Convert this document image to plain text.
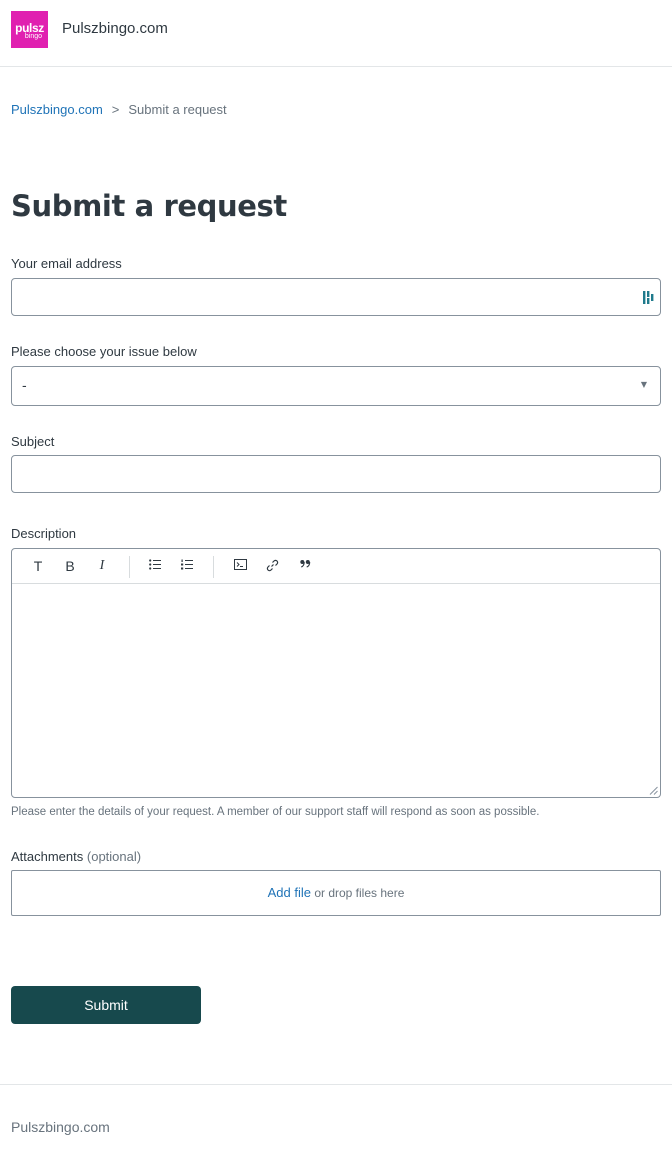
pulsz
bingo	Pulszbingo.com
Pulszbingo.com > Submit a request
Submit a request
Your email address
Please choose your issue below
-	▼
Subject
Description
T	B	I
Please enter the details of your request. A member of our support staff will respond as soon as possible.
Attachments (optional)
Add file or drop files here
Submit
Pulszbingo.com
